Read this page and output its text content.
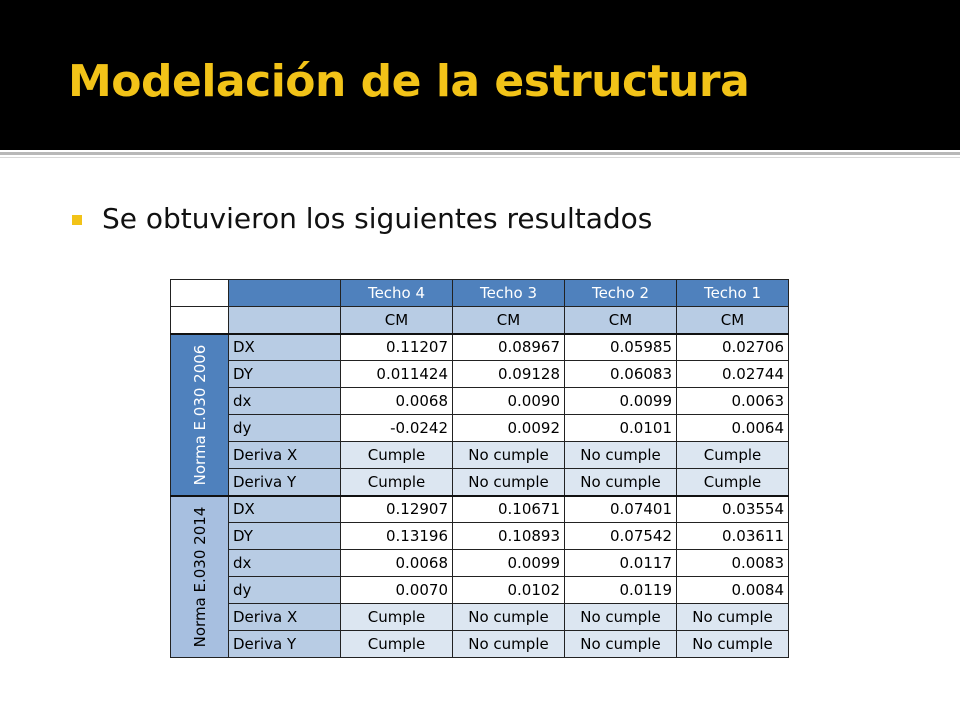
Modelación de la estructura
Se obtuvieron los siguientes resultados
		Techo 4	Techo 3	Techo 2	Techo 1
		CM	CM	CM	CM

Norma E.030 2006	DX	0.11207	0.08967	0.05985	0.02706
	DY	0.011424	0.09128	0.06083	0.02744
	dx	0.0068	0.0090	0.0099	0.0063
	dy	-0.0242	0.0092	0.0101	0.0064
	Deriva X	Cumple	No cumple	No cumple	Cumple
	Deriva Y	Cumple	No cumple	No cumple	Cumple

Norma E.030 2014	DX	0.12907	0.10671	0.07401	0.03554
	DY	0.13196	0.10893	0.07542	0.03611
	dx	0.0068	0.0099	0.0117	0.0083
	dy	0.0070	0.0102	0.0119	0.0084
	Deriva X	Cumple	No cumple	No cumple	No cumple
	Deriva Y	Cumple	No cumple	No cumple	No cumple
